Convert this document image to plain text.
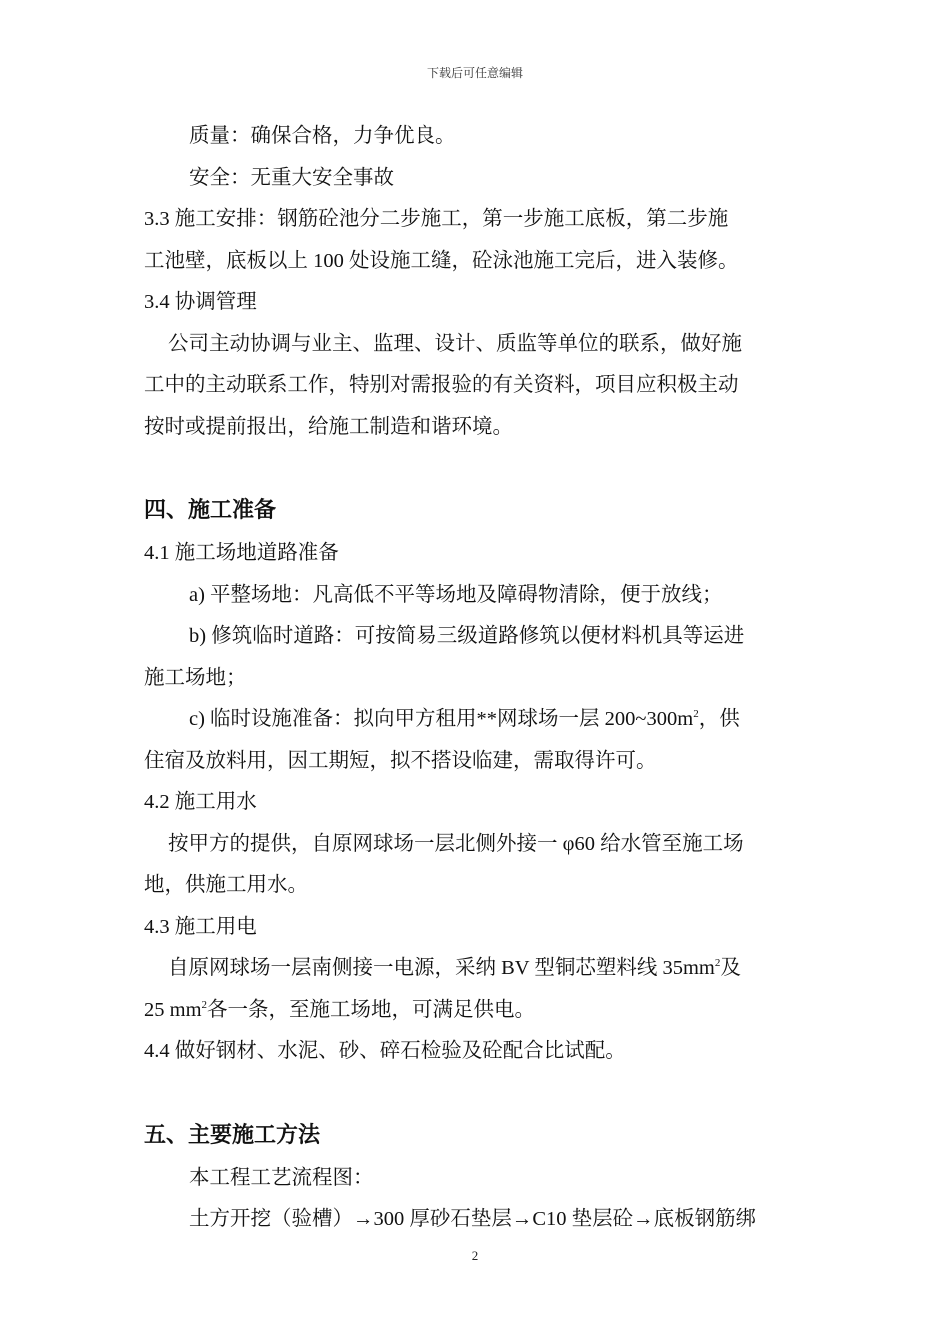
下载后可任意编辑
质量：确保合格，力争优良。
安全：无重大安全事故
3.3 施工安排：钢筋砼池分二步施工，第一步施工底板，第二步施
工池壁，底板以上 100 处设施工缝，砼泳池施工完后，进入装修。
3.4 协调管理
公司主动协调与业主、监理、设计、质监等单位的联系，做好施
工中的主动联系工作，特别对需报验的有关资料，项目应积极主动
按时或提前报出，给施工制造和谐环境。
四、施工准备
4.1 施工场地道路准备
a) 平整场地：凡高低不平等场地及障碍物清除，便于放线；
b) 修筑临时道路：可按简易三级道路修筑以便材料机具等运进
施工场地；
c) 临时设施准备：拟向甲方租用**网球场一层 $200\sim 300m^2$，供
住宿及放料用，因工期短，拟不搭设临建，需取得许可。
4.2 施工用水
按甲方的提供，自原网球场一层北侧外接一 φ60 给水管至施工场
地，供施工用水。
4.3 施工用电
自原网球场一层南侧接一电源，采纳 BV 型铜芯塑料线 $35mm^2$及
25 $mm^2$各一条，至施工场地，可满足供电。
4.4 做好钢材、水泥、砂、碎石检验及砼配合比试配。
五、主要施工方法
本工程工艺流程图：
土方开挖（验槽）→300 厚砂石垫层→C10 垫层砼→底板钢筋绑
2
